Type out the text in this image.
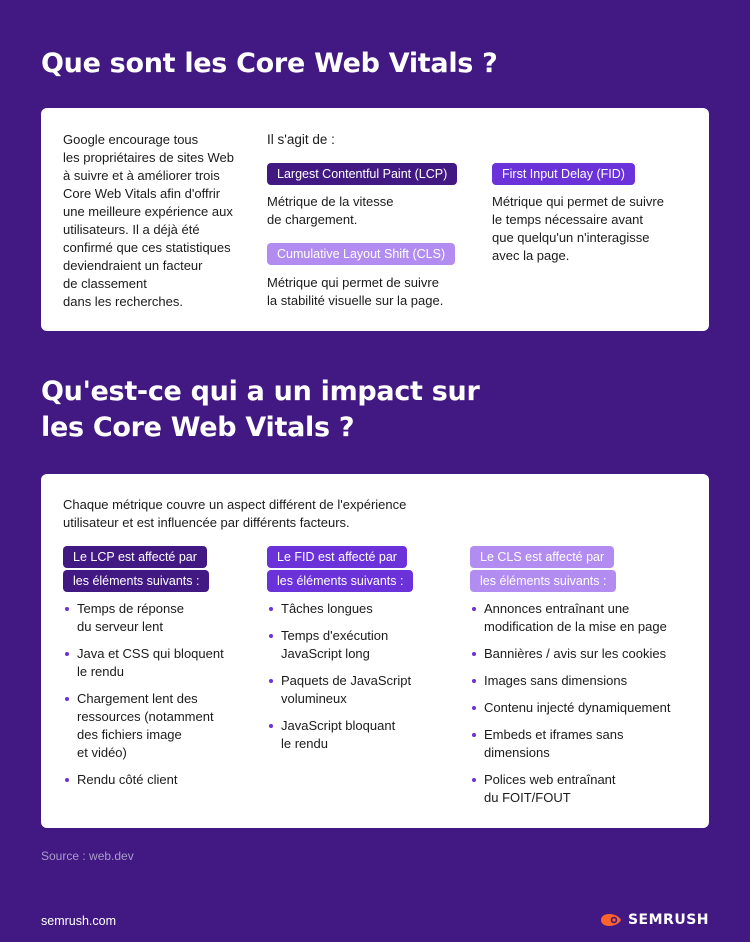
Que sont les Core Web Vitals ?

Google encourage tous
les propriétaires de sites Web
à suivre et à améliorer trois
Core Web Vitals afin d'offrir
une meilleure expérience aux
utilisateurs. Il a déjà été
confirmé que ces statistiques
deviendraient un facteur
de classement
dans les recherches.

Il s'agit de :

Largest Contentful Paint (LCP)

Métrique de la vitesse
de chargement.

First Input Delay (FID)

Métrique qui permet de suivre
le temps nécessaire avant
que quelqu'un n'interagisse
avec la page.

Cumulative Layout Shift (CLS)

Métrique qui permet de suivre
la stabilité visuelle sur la page.

Qu'est-ce qui a un impact sur
les Core Web Vitals ?

Chaque métrique couvre un aspect différent de l'expérience
utilisateur et est influencée par différents facteurs.

Le LCP est affecté par
les éléments suivants :
Temps de réponse
du serveur lent
Java et CSS qui bloquent
le rendu
Chargement lent des
ressources (notamment
des fichiers image
et vidéo)
Rendu côté client
Le FID est affecté par
les éléments suivants :
Tâches longues
Temps d'exécution
JavaScript long
Paquets de JavaScript
volumineux
JavaScript bloquant
le rendu
Le CLS est affecté par
les éléments suivants :
Annonces entraînant une
modification de la mise en page
Bannières / avis sur les cookies
Images sans dimensions
Contenu injecté dynamiquement
Embeds et iframes sans
dimensions
Polices web entraînant
du FOIT/FOUT
Source : web.dev
semrush.com	SEMRUSH
